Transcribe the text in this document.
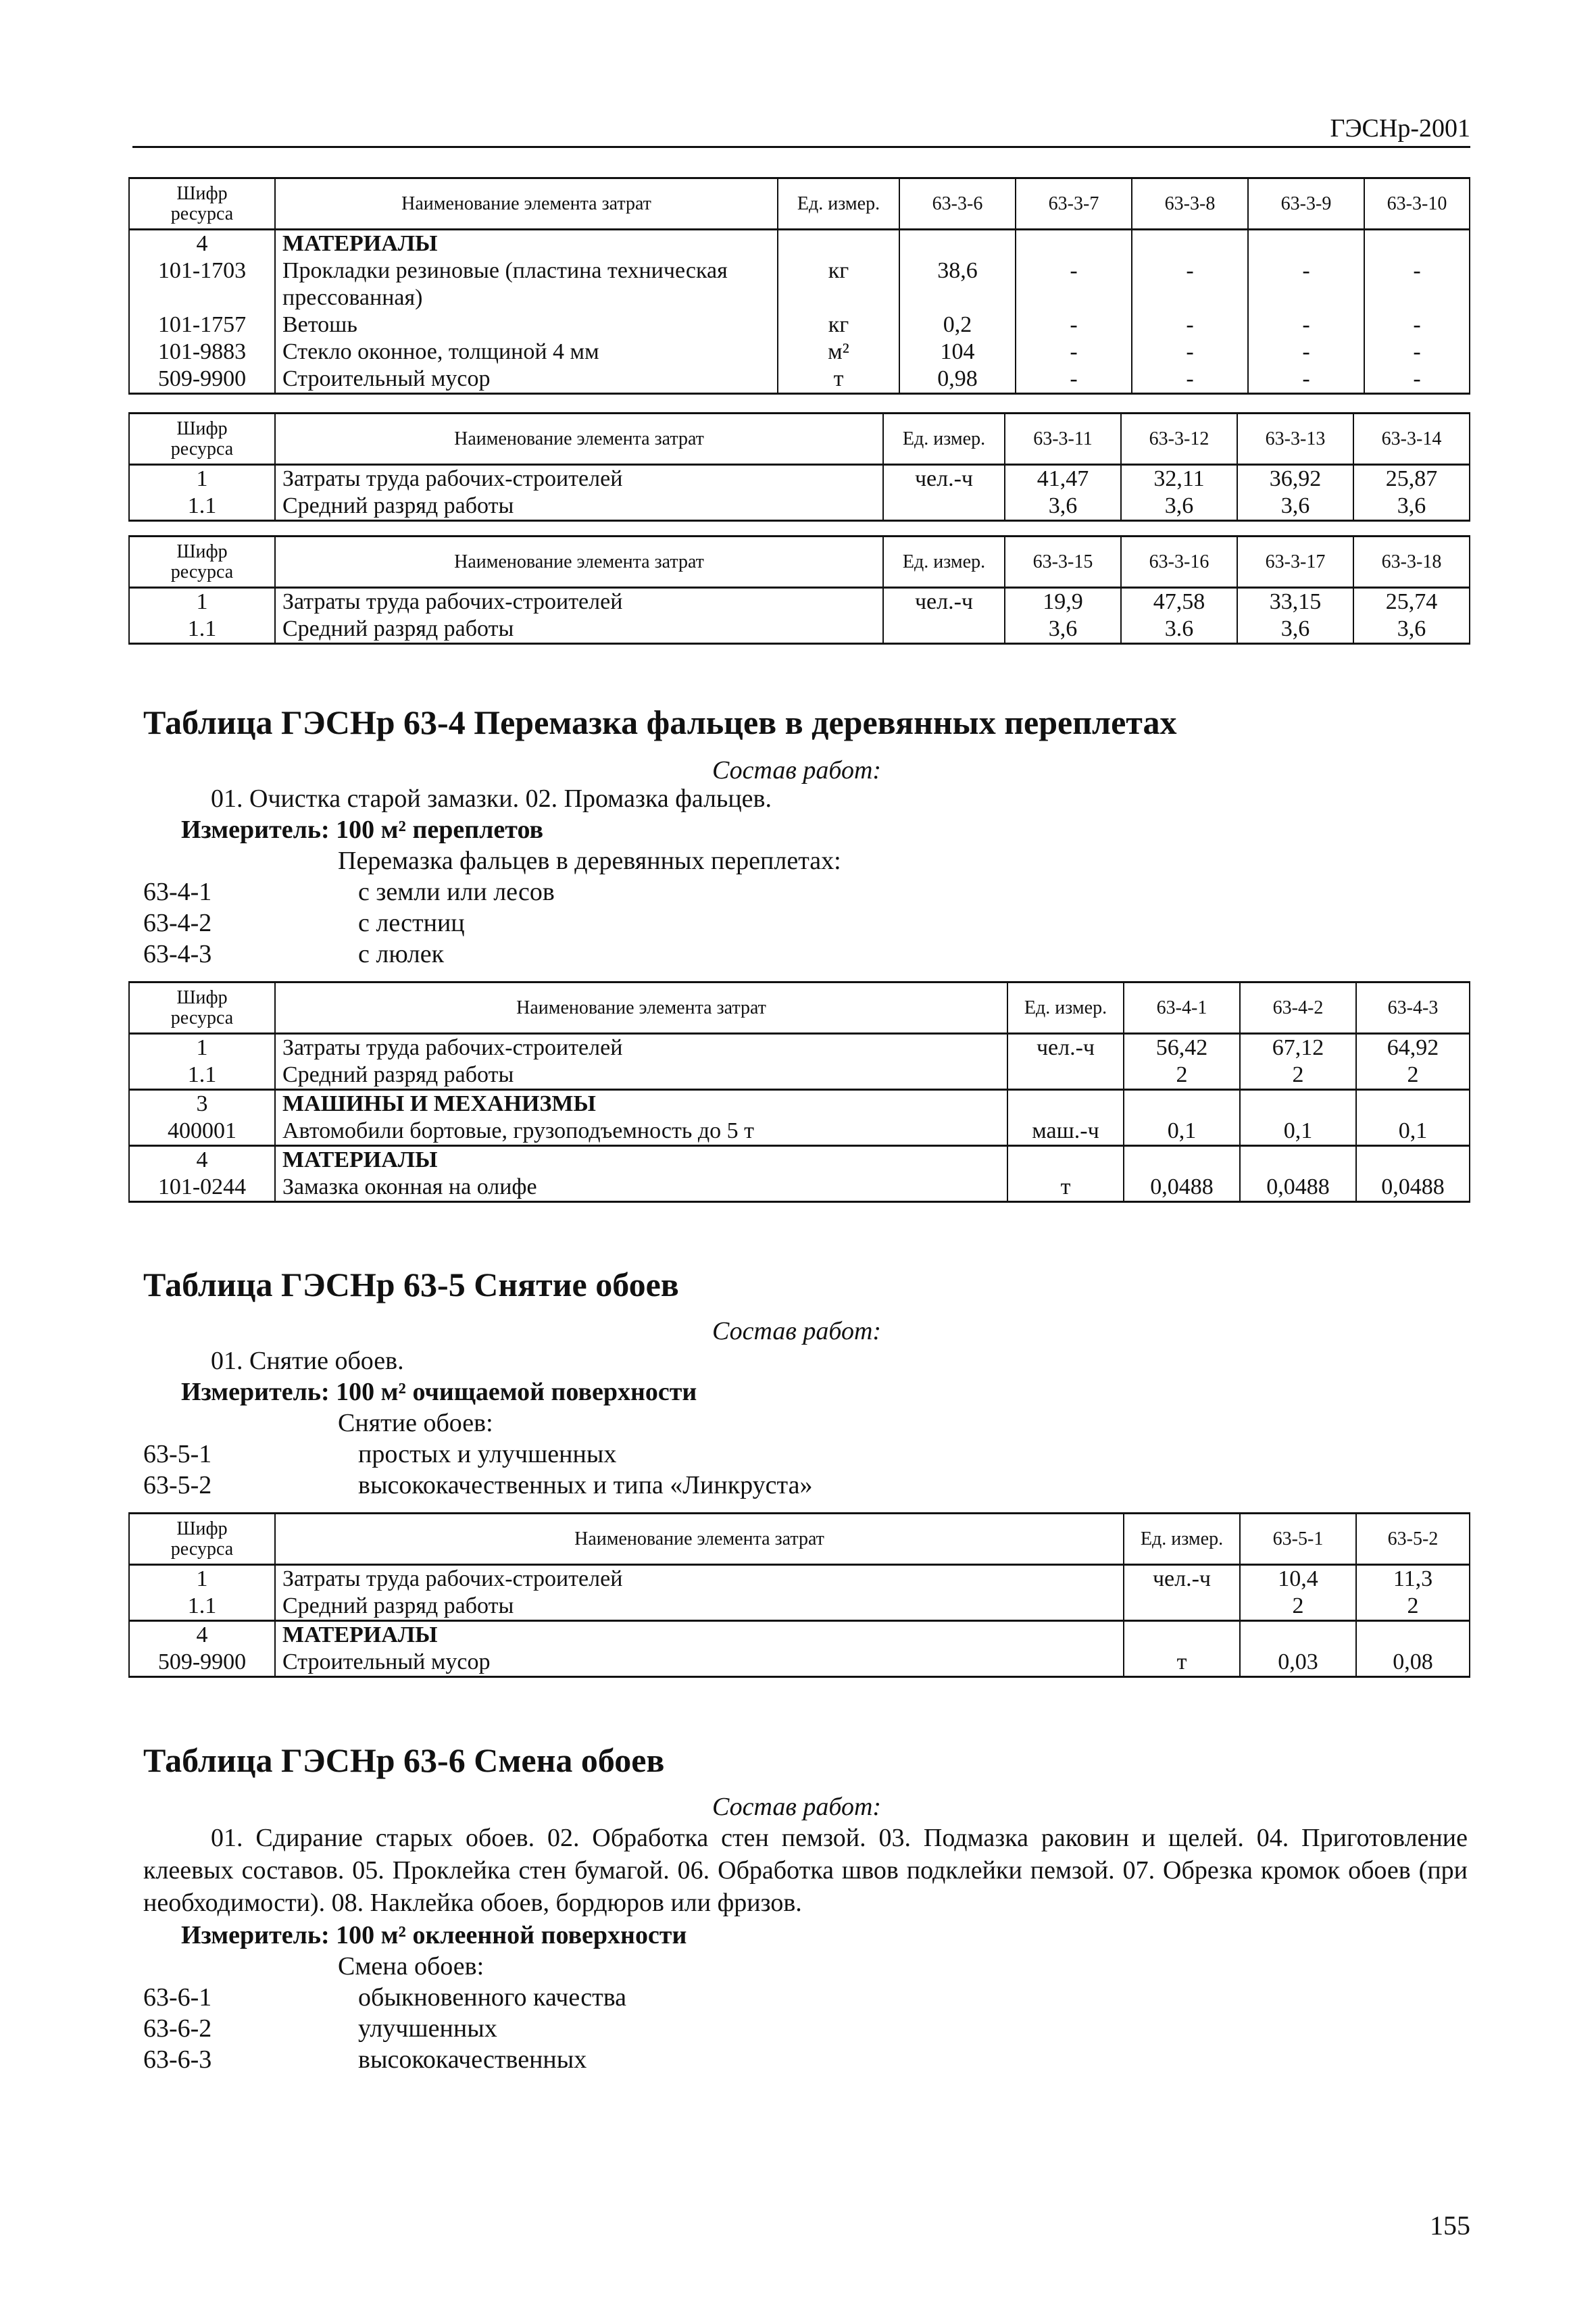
ГЭСНр-2001
Шифр
ресурса	Наименование элемента затрат	Ед. измер.	63-3-6	63-3-7	63-3-8	63-3-9	63-3-10
4	МАТЕРИАЛЫ						
101-1703	Прокладки резиновые (пластина техническая прессованная)	кг	38,6	-	-	-	-
101-1757	Ветошь	кг	0,2	-	-	-	-
101-9883	Стекло оконное, толщиной 4 мм	м²	104	-	-	-	-
509-9900	Строительный мусор	т	0,98	-	-	-	-
Шифр
ресурса	Наименование элемента затрат	Ед. измер.	63-3-11	63-3-12	63-3-13	63-3-14
1	Затраты труда рабочих-строителей	чел.-ч	41,47	32,11	36,92	25,87
1.1	Средний разряд работы		3,6	3,6	3,6	3,6
Шифр
ресурса	Наименование элемента затрат	Ед. измер.	63-3-15	63-3-16	63-3-17	63-3-18
1	Затраты труда рабочих-строителей	чел.-ч	19,9	47,58	33,15	25,74
1.1	Средний разряд работы		3,6	3.6	3,6	3,6
Таблица ГЭСНр 63-4 Перемазка фальцев в деревянных переплетах
Состав работ:
01. Очистка старой замазки. 02. Промазка фальцев.
Измеритель: 100 м² переплетов
Перемазка фальцев в деревянных переплетах:
63-4-1	с земли или лесов
63-4-2	с лестниц
63-4-3	с люлек
Шифр
ресурса	Наименование элемента затрат	Ед. измер.	63-4-1	63-4-2	63-4-3
1	Затраты труда рабочих-строителей	чел.-ч	56,42	67,12	64,92
1.1	Средний разряд работы		2	2	2
3	МАШИНЫ И МЕХАНИЗМЫ				
400001	Автомобили бортовые, грузоподъемность до 5 т	маш.-ч	0,1	0,1	0,1
4	МАТЕРИАЛЫ				
101-0244	Замазка оконная на олифе	т	0,0488	0,0488	0,0488
Таблица ГЭСНр 63-5 Снятие обоев
Состав работ:
01. Снятие обоев.
Измеритель: 100 м² очищаемой поверхности
Снятие обоев:
63-5-1	простых и улучшенных
63-5-2	высококачественных и типа «Линкруста»
Шифр
ресурса	Наименование элемента затрат	Ед. измер.	63-5-1	63-5-2
1	Затраты труда рабочих-строителей	чел.-ч	10,4	11,3
1.1	Средний разряд работы		2	2
4	МАТЕРИАЛЫ			
509-9900	Строительный мусор	т	0,03	0,08
Таблица ГЭСНр 63-6 Смена обоев
Состав работ:
01. Сдирание старых обоев. 02. Обработка стен пемзой. 03. Подмазка раковин и щелей. 04. Приготовление клеевых составов. 05. Проклейка стен бумагой. 06. Обработка швов подклейки пемзой. 07. Обрезка кромок обоев (при необходимости). 08. Наклейка обоев, бордюров или фризов.
Измеритель: 100 м² оклеенной поверхности
Смена обоев:
63-6-1	обыкновенного качества
63-6-2	улучшенных
63-6-3	высококачественных
155
